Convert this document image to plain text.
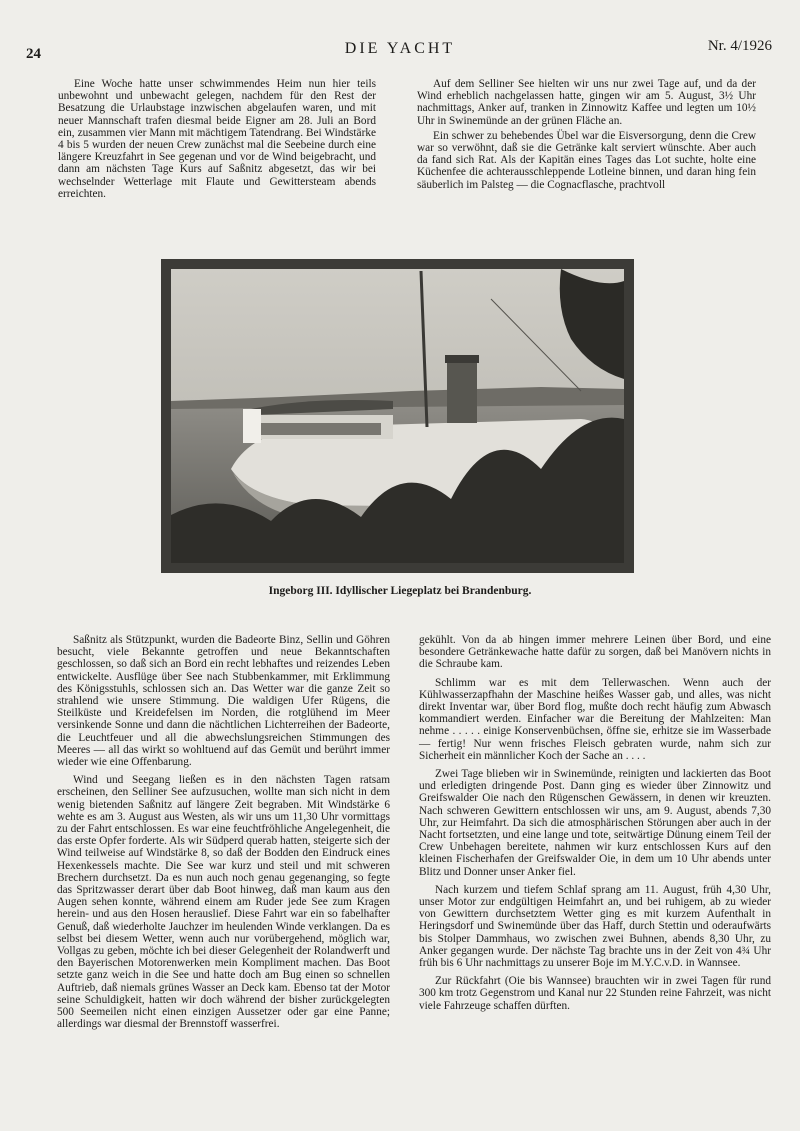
24	DIE YACHT	Nr. 4/1926

Eine Woche hatte unser schwimmendes Heim nun hier teils unbewohnt und unbewacht gelegen, nachdem für den Rest der Besatzung die Urlaubstage inzwischen abgelaufen waren, und mit neuer Mannschaft trafen diesmal beide Eigner am 28. Juli an Bord ein, zusammen vier Mann mit mächtigem Tatendrang. Bei Windstärke 4 bis 5 wurden der neuen Crew zunächst mal die Seebeine durch eine längere Kreuzfahrt in See gegenan und vor de Wind beigebracht, und dann am nächsten Tage Kurs auf Saßnitz abgesetzt, das wir bei wechselnder Wetterlage mit Flaute und Gewittersteam abends erreichten.

Auf dem Selliner See hielten wir uns nur zwei Tage auf, und da der Wind erheblich nachgelassen hatte, gingen wir am 5. August, 3½ Uhr nachmittags, Anker auf, tranken in Zinnowitz Kaffee und legten um 10½ Uhr in Swinemünde an der grünen Fläche an.

Ein schwer zu behebendes Übel war die Eisversorgung, denn die Crew war so verwöhnt, daß sie die Getränke kalt serviert wünschte. Aber auch da fand sich Rat. Als der Kapitän eines Tages das Lot suchte, holte eine Küchenfee die achterausschleppende Lotleine binnen, und daran hing fein säuberlich im Palsteg — die Cognacflasche, prachtvoll

Ingeborg III. Idyllischer Liegeplatz bei Brandenburg.

Saßnitz als Stützpunkt, wurden die Badeorte Binz, Sellin und Göhren besucht, viele Bekannte getroffen und neue Bekanntschaften geschlossen, so daß sich an Bord ein recht lebhaftes und reizendes Leben entwickelte. Ausflüge über See nach Stubbenkammer, mit Erklimmung des Königsstuhls, schlossen sich an. Das Wetter war die ganze Zeit so strahlend wie unsere Stimmung. Die waldigen Ufer Rügens, die Steilküste und Kreidefelsen im Norden, die rotglühend im Meer versinkende Sonne und dann die nächtlichen Lichterreihen der Badeorte, die Leuchtfeuer und all die abwechslungsreichen Stimmungen des Meeres — all das wirkt so wohltuend auf das Gemüt und berührt immer wieder wie eine Offenbarung.

Wind und Seegang ließen es in den nächsten Tagen ratsam erscheinen, den Selliner See aufzusuchen, wollte man sich nicht in dem wenig bietenden Saßnitz auf längere Zeit begraben. Mit Windstärke 6 wehte es am 3. August aus Westen, als wir uns um 11,30 Uhr vormittags zu der Fahrt entschlossen. Es war eine feuchtfröhliche Angelegenheit, die das erste Opfer forderte. Als wir Südperd querab hatten, steigerte sich der Wind teilweise auf Windstärke 8, so daß der Bodden den Eindruck eines Hexenkessels machte. Die See war kurz und steil und mit schweren Brechern durchsetzt. Da es nun auch noch genau gegenanging, so fegte das Spritzwasser derart über dab Boot hinweg, daß man kaum aus den Augen sehen konnte, während einem am Ruder jede See zum Kragen herein- und aus den Hosen herauslief. Diese Fahrt war ein so fabelhafter Genuß, daß wiederholte Jauchzer im heulenden Winde verklangen. Da es selbst bei diesem Wetter, wenn auch nur vorübergehend, möglich war, Vollgas zu geben, möchte ich bei dieser Gelegenheit der Rolandwerft und den Bayerischen Motorenwerken mein Kompliment machen. Das Boot setzte ganz weich in die See und hatte doch am Bug einen so schnellen Auftrieb, daß niemals grünes Wasser an Deck kam. Ebenso tat der Motor seine Schuldigkeit, hatten wir doch während der bisher zurückgelegten 500 Seemeilen nicht einen einzigen Aussetzer oder gar eine Panne; allerdings war diesmal der Brennstoff wasserfrei.

gekühlt. Von da ab hingen immer mehrere Leinen über Bord, und eine besondere Getränkewache hatte dafür zu sorgen, daß bei Manövern nichts in die Schraube kam.

Schlimm war es mit dem Tellerwaschen. Wenn auch der Kühlwasserzapfhahn der Maschine heißes Wasser gab, und alles, was nicht direkt Inventar war, über Bord flog, mußte doch recht häufig zum Abwasch kommandiert werden. Einfacher war die Bereitung der Mahlzeiten: Man nehme . . . . . einige Konservenbüchsen, öffne sie, erhitze sie im Wasserbade — fertig! Nur wenn frisches Fleisch gebraten wurde, nahm sich zur Sicherheit ein männlicher Koch der Sache an . . . .

Zwei Tage blieben wir in Swinemünde, reinigten und lackierten das Boot und erledigten dringende Post. Dann ging es wieder über Zinnowitz und Greifswalder Oie nach den Rügenschen Gewässern, in denen wir kreuzten. Nach schweren Gewittern entschlossen wir uns, am 9. August, abends 7,30 Uhr, zur Heimfahrt. Da sich die atmosphärischen Störungen aber auch in der Nacht fortsetzten, und eine lange und tote, seitwärtige Dünung einem Teil der Crew Unbehagen bereitete, nahmen wir kurz entschlossen Kurs auf den kleinen Fischerhafen der Greifswalder Oie, in dem um 10 Uhr abends unter Blitz und Donner unser Anker fiel.

Nach kurzem und tiefem Schlaf sprang am 11. August, früh 4,30 Uhr, unser Motor zur endgültigen Heimfahrt an, und bei ruhigem, ab zu wieder von Gewittern durchsetztem Wetter ging es mit kurzem Aufenthalt in Heringsdorf und Swinemünde über das Haff, durch Stettin und oderaufwärts bis Stolper Dammhaus, wo zwischen zwei Buhnen, abends 8,30 Uhr, zu Anker gegangen wurde. Der nächste Tag brachte uns in der Zeit von 4¾ Uhr früh bis 6 Uhr nachmittags zu unserer Boje im M.Y.C.v.D. in Wannsee.

Zur Rückfahrt (Oie bis Wannsee) brauchten wir in zwei Tagen für rund 300 km trotz Gegenstrom und Kanal nur 22 Stunden reine Fahrzeit, was nicht viele Fahrzeuge schaffen dürften.
